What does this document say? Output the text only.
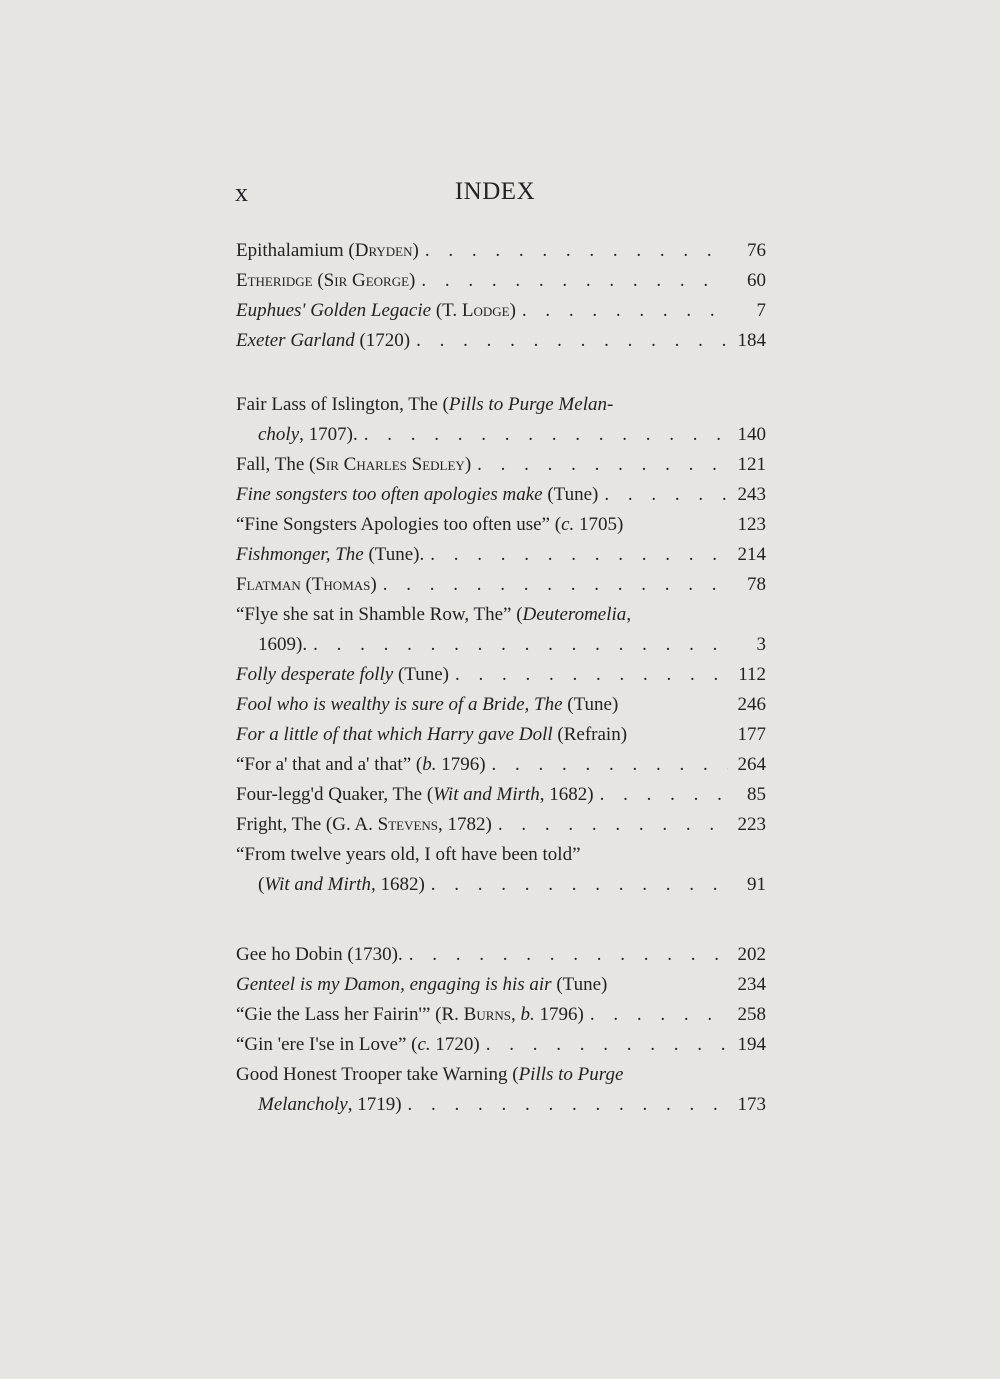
x	INDEX
Epithalamium (Dryden) . . .	76
Etheridge (Sir George) . . .	60
Euphues' Golden Legacie (T. Lodge) . . .	7
Exeter Garland (1720) . . .	184
Fair Lass of Islington, The (Pills to Purge Melan-
choly, 1707). . . .	140
Fall, The (Sir Charles Sedley) . . .	121
Fine songsters too often apologies make (Tune) . . .	243
“Fine Songsters Apologies too often use” (c. 1705)	123
Fishmonger, The (Tune). . . .	214
Flatman (Thomas) . . .	78
“Flye she sat in Shamble Row, The” (Deuteromelia,
1609). . . .	3
Folly desperate folly (Tune) . . .	112
Fool who is wealthy is sure of a Bride, The (Tune)	246
For a little of that which Harry gave Doll (Refrain)	177
“For a' that and a' that” (b. 1796) . . .	264
Four-legg'd Quaker, The (Wit and Mirth, 1682) . . .	85
Fright, The (G. A. Stevens, 1782) . . .	223
“From twelve years old, I oft have been told”
(Wit and Mirth, 1682) . . .	91
Gee ho Dobin (1730). . . .	202
Genteel is my Damon, engaging is his air (Tune)	234
“Gie the Lass her Fairin'” (R. Burns, b. 1796) . . .	258
“Gin 'ere I'se in Love” (c. 1720) . . .	194
Good Honest Trooper take Warning (Pills to Purge
Melancholy, 1719) . . .	173
